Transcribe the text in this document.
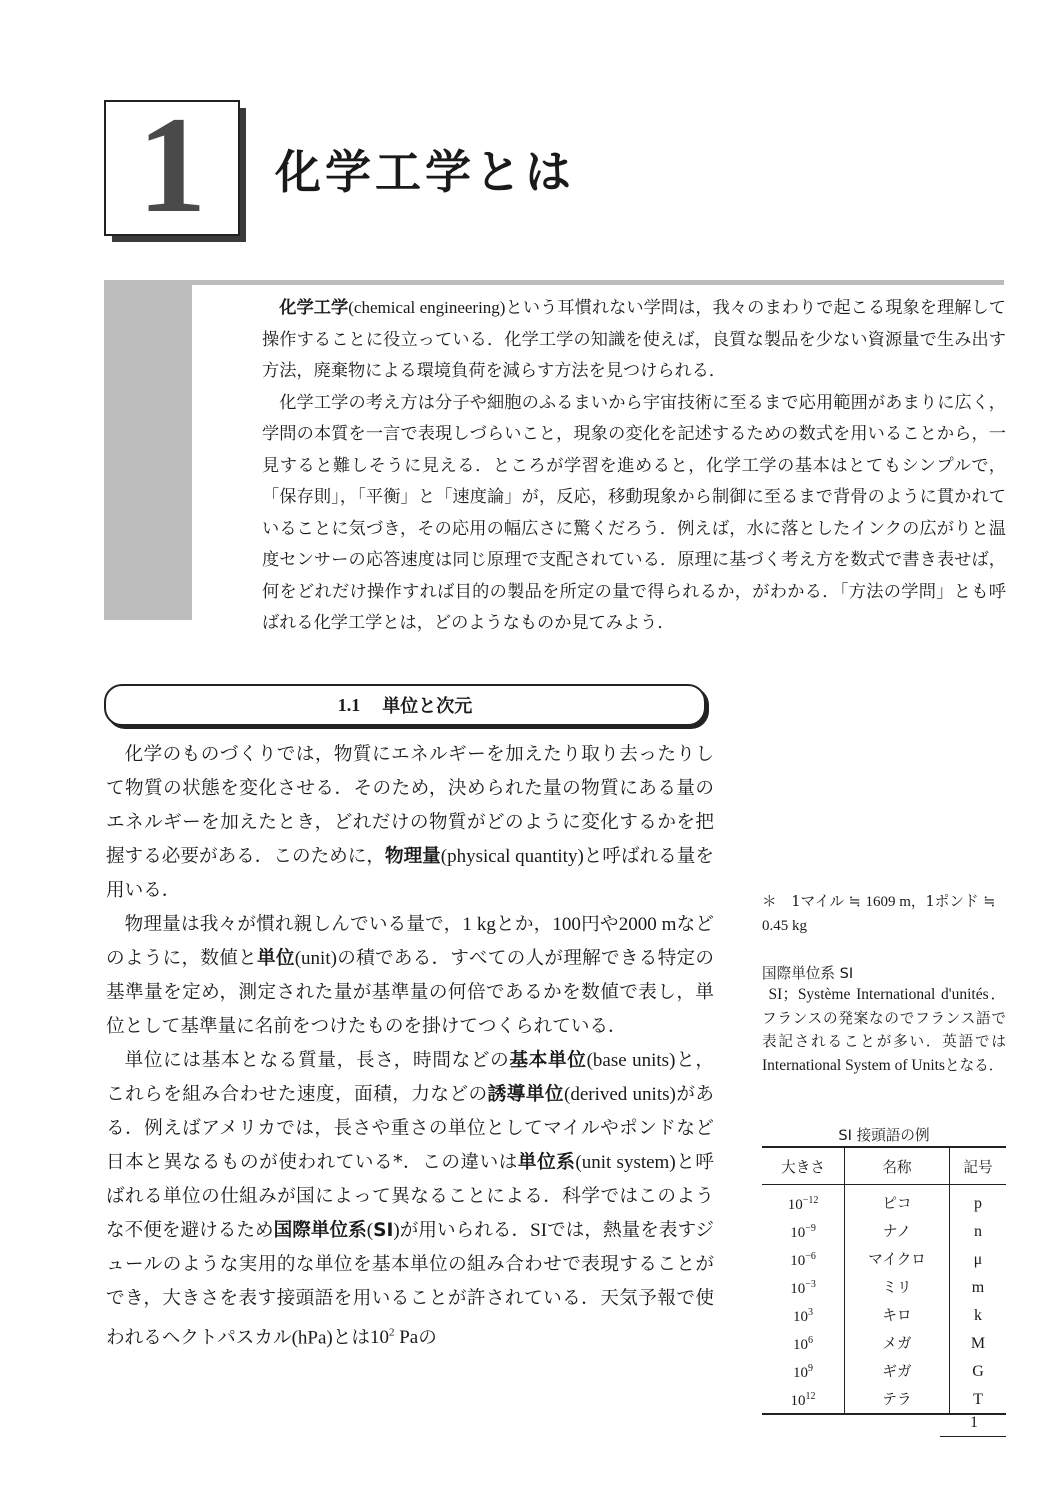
1 化学工学とは

化学工学(chemical engineering)という耳慣れない学問は，我々のまわりで起こる現象を理解して操作することに役立っている．化学工学の知識を使えば，良質な製品を少ない資源量で生み出す方法，廃棄物による環境負荷を減らす方法を見つけられる．

化学工学の考え方は分子や細胞のふるまいから宇宙技術に至るまで応用範囲があまりに広く，学問の本質を一言で表現しづらいこと，現象の変化を記述するための数式を用いることから，一見すると難しそうに見える．ところが学習を進めると，化学工学の基本はとてもシンプルで，「保存則」，「平衡」と「速度論」が，反応，移動現象から制御に至るまで背骨のように貫かれていることに気づき，その応用の幅広さに驚くだろう．例えば，水に落としたインクの広がりと温度センサーの応答速度は同じ原理で支配されている．原理に基づく考え方を数式で書き表せば，何をどれだけ操作すれば目的の製品を所定の量で得られるか，がわかる．「方法の学問」とも呼ばれる化学工学とは，どのようなものか見てみよう．

1.1 単位と次元

化学のものづくりでは，物質にエネルギーを加えたり取り去ったりして物質の状態を変化させる．そのため，決められた量の物質にある量のエネルギーを加えたとき，どれだけの物質がどのように変化するかを把握する必要がある．このために，物理量(physical quantity)と呼ばれる量を用いる．

物理量は我々が慣れ親しんでいる量で，1 kgとか，100円や2000 mなどのように，数値と単位(unit)の積である．すべての人が理解できる特定の基準量を定め，測定された量が基準量の何倍であるかを数値で表し，単位として基準量に名前をつけたものを掛けてつくられている．

単位には基本となる質量，長さ，時間などの基本単位(base units)と，これらを組み合わせた速度，面積，力などの誘導単位(derived units)がある．例えばアメリカでは，長さや重さの単位としてマイルやポンドなど日本と異なるものが使われている*．この違いは単位系(unit system)と呼ばれる単位の仕組みが国によって異なることによる．科学ではこのような不便を避けるため国際単位系(SI)が用いられる．SIでは，熱量を表すジュールのような実用的な単位を基本単位の組み合わせで表現することができ，大きさを表す接頭語を用いることが許されている．天気予報で使われるヘクトパスカル(hPa)とは$10^2$ Paの

＊　1マイル ≒ 1609 m，1ポンド ≒ 0.45 kg
国際単位系 SI
SI；Système International d'unités．フランスの発案なのでフランス語で表記されることが多い．英語ではInternational System of Unitsとなる．
SI 接頭語の例
大きさ	名称	記号
$10^{-12}$	ピコ	p
$10^{-9}$	ナノ	n
$10^{-6}$	マイクロ	μ
$10^{-3}$	ミリ	m
$10^3$	キロ	k
$10^6$	メガ	M
$10^9$	ギガ	G
$10^{12}$	テラ	T
1
